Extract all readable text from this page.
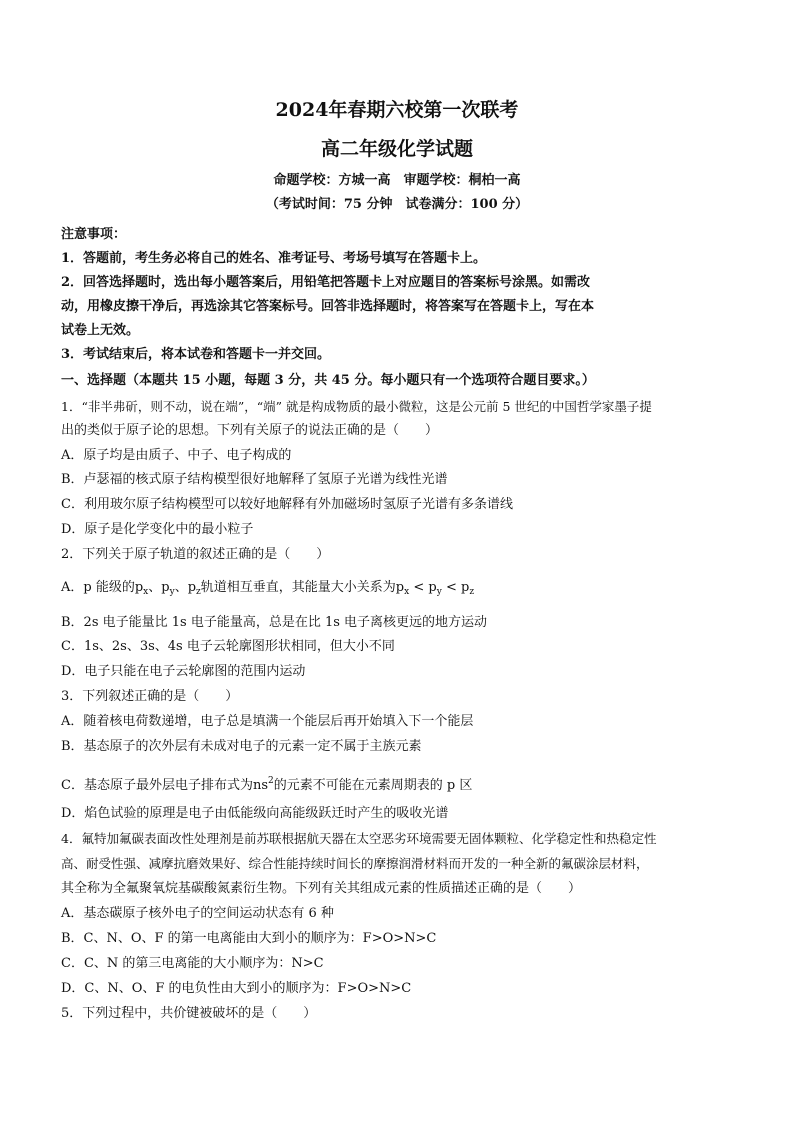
2024年春期六校第一次联考
高二年级化学试题
命题学校：方城一高　审题学校：桐柏一高
（考试时间：75 分钟　试卷满分：100 分）
注意事项：
1．答题前，考生务必将自己的姓名、准考证号、考场号填写在答题卡上。
2．回答选择题时，选出每小题答案后，用铅笔把答题卡上对应题目的答案标号涂黑。如需改
动，用橡皮擦干净后，再选涂其它答案标号。回答非选择题时，将答案写在答题卡上，写在本
试卷上无效。
3．考试结束后，将本试卷和答题卡一并交回。
一、选择题（本题共 15 小题，每题 3 分，共 45 分。每小题只有一个选项符合题目要求。）
1．“非半弗斫，则不动，说在端”，“端” 就是构成物质的最小微粒，这是公元前 5 世纪的中国哲学家墨子提
出的类似于原子论的思想。下列有关原子的说法正确的是（　　）
A．原子均是由质子、中子、电子构成的
B．卢瑟福的核式原子结构模型很好地解释了氢原子光谱为线性光谱
C．利用玻尔原子结构模型可以较好地解释有外加磁场时氢原子光谱有多条谱线
D．原子是化学变化中的最小粒子
2．下列关于原子轨道的叙述正确的是（　　）
A．p 能级的$p_x$、$p_y$、$p_z$轨道相互垂直，其能量大小关系为$p_x < p_y < p_z$
B．2s 电子能量比 1s 电子能量高，总是在比 1s 电子离核更远的地方运动
C．1s、2s、3s、4s 电子云轮廓图形状相同，但大小不同
D．电子只能在电子云轮廓图的范围内运动
3．下列叙述正确的是（　　）
A．随着核电荷数递增，电子总是填满一个能层后再开始填入下一个能层
B．基态原子的次外层有未成对电子的元素一定不属于主族元素
C．基态原子最外层电子排布式为$ns^2$的元素不可能在元素周期表的 p 区
D．焰色试验的原理是电子由低能级向高能级跃迁时产生的吸收光谱
4．氟特加氟碳表面改性处理剂是前苏联根据航天器在太空恶劣环境需要无固体颗粒、化学稳定性和热稳定性
高、耐受性强、减摩抗磨效果好、综合性能持续时间长的摩擦润滑材料而开发的一种全新的氟碳涂层材料，
其全称为全氟聚氧烷基碳酸氮素衍生物。下列有关其组成元素的性质描述正确的是（　　）
A．基态碳原子核外电子的空间运动状态有 6 种
B．C、N、O、F 的第一电离能由大到小的顺序为：F>O>N>C
C．C、N 的第三电离能的大小顺序为：N>C
D．C、N、O、F 的电负性由大到小的顺序为：F>O>N>C
5．下列过程中，共价键被破坏的是（　　）
